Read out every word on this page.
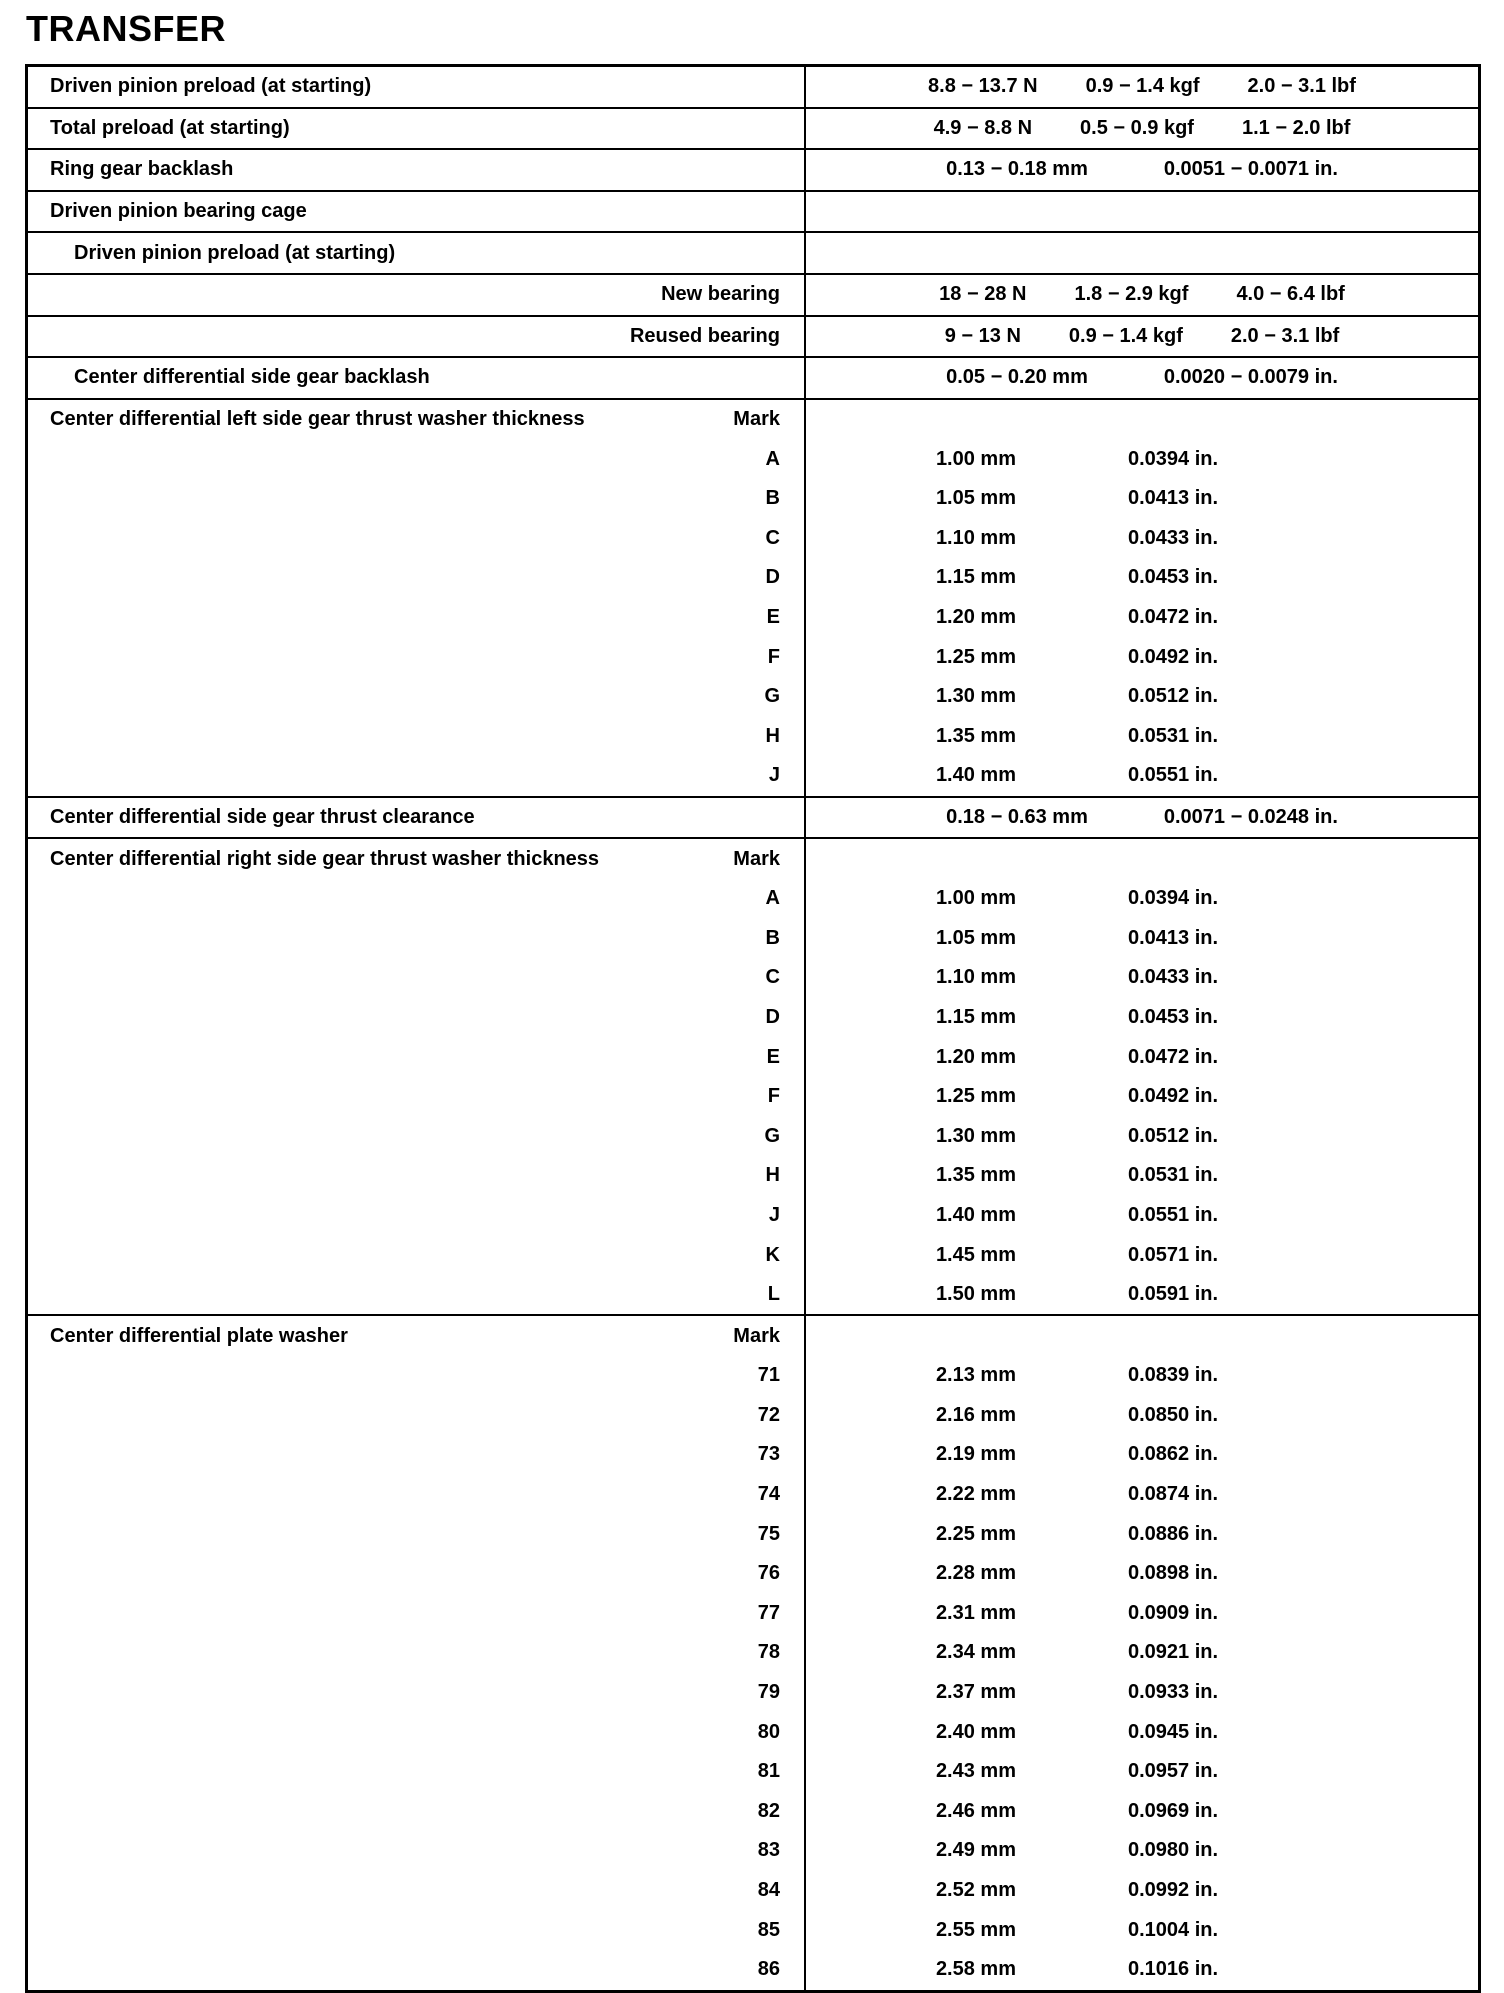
TRANSFER
Driven pinion preload (at starting)	8.8 − 13.7 N 0.9 − 1.4 kgf 2.0 − 3.1 lbf

Total preload (at starting)	4.9 − 8.8 N 0.5 − 0.9 kgf 1.1 − 2.0 lbf

Ring gear backlash	0.13 − 0.18 mm 0.0051 − 0.0071 in.

Driven pinion bearing cage	

Driven pinion preload (at starting)	

New bearing	18 − 28 N 1.8 − 2.9 kgf 4.0 − 6.4 lbf

Reused bearing	9 − 13 N 0.9 − 1.4 kgf 2.0 − 3.1 lbf

Center differential side gear backlash	0.05 − 0.20 mm 0.0020 − 0.0079 in.

Center differential left side gear thrust washer thickness Mark	

A	1.00 mm 0.0394 in.

B	1.05 mm 0.0413 in.

C	1.10 mm 0.0433 in.

D	1.15 mm 0.0453 in.

E	1.20 mm 0.0472 in.

F	1.25 mm 0.0492 in.

G	1.30 mm 0.0512 in.

H	1.35 mm 0.0531 in.

J	1.40 mm 0.0551 in.

Center differential side gear thrust clearance	0.18 − 0.63 mm 0.0071 − 0.0248 in.

Center differential right side gear thrust washer thickness Mark	

A	1.00 mm 0.0394 in.

B	1.05 mm 0.0413 in.

C	1.10 mm 0.0433 in.

D	1.15 mm 0.0453 in.

E	1.20 mm 0.0472 in.

F	1.25 mm 0.0492 in.

G	1.30 mm 0.0512 in.

H	1.35 mm 0.0531 in.

J	1.40 mm 0.0551 in.

K	1.45 mm 0.0571 in.

L	1.50 mm 0.0591 in.

Center differential plate washer Mark	

71	2.13 mm 0.0839 in.

72	2.16 mm 0.0850 in.

73	2.19 mm 0.0862 in.

74	2.22 mm 0.0874 in.

75	2.25 mm 0.0886 in.

76	2.28 mm 0.0898 in.

77	2.31 mm 0.0909 in.

78	2.34 mm 0.0921 in.

79	2.37 mm 0.0933 in.

80	2.40 mm 0.0945 in.

81	2.43 mm 0.0957 in.

82	2.46 mm 0.0969 in.

83	2.49 mm 0.0980 in.

84	2.52 mm 0.0992 in.

85	2.55 mm 0.1004 in.

86	2.58 mm 0.1016 in.
